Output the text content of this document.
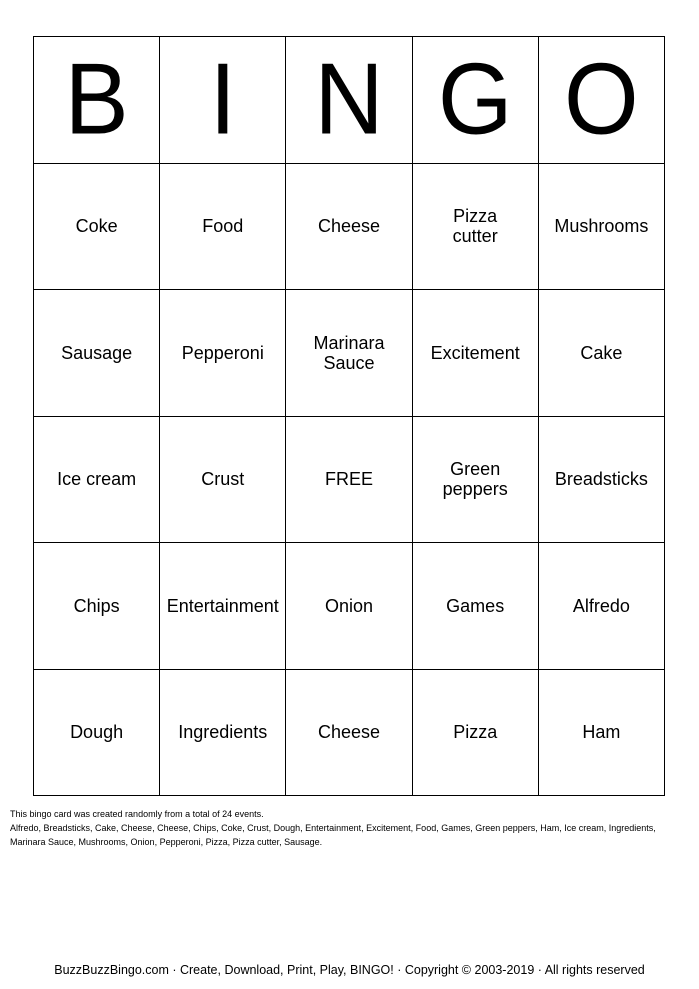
B I N G O
Coke	Food	Cheese	Pizza cutter	Mushrooms
Sausage	Pepperoni	Marinara Sauce	Excitement	Cake
Ice cream	Crust	FREE	Green peppers	Breadsticks
Chips	Entertainment	Onion	Games	Alfredo
Dough	Ingredients	Cheese	Pizza	Ham

This bingo card was created randomly from a total of 24 events.

Alfredo, Breadsticks, Cake, Cheese, Cheese, Chips, Coke, Crust, Dough, Entertainment, Excitement, Food, Games, Green peppers, Ham, Ice cream, Ingredients, Marinara Sauce, Mushrooms, Onion, Pepperoni, Pizza, Pizza cutter, Sausage.

BuzzBuzzBingo.com · Create, Download, Print, Play, BINGO! · Copyright © 2003-2019 · All rights reserved
